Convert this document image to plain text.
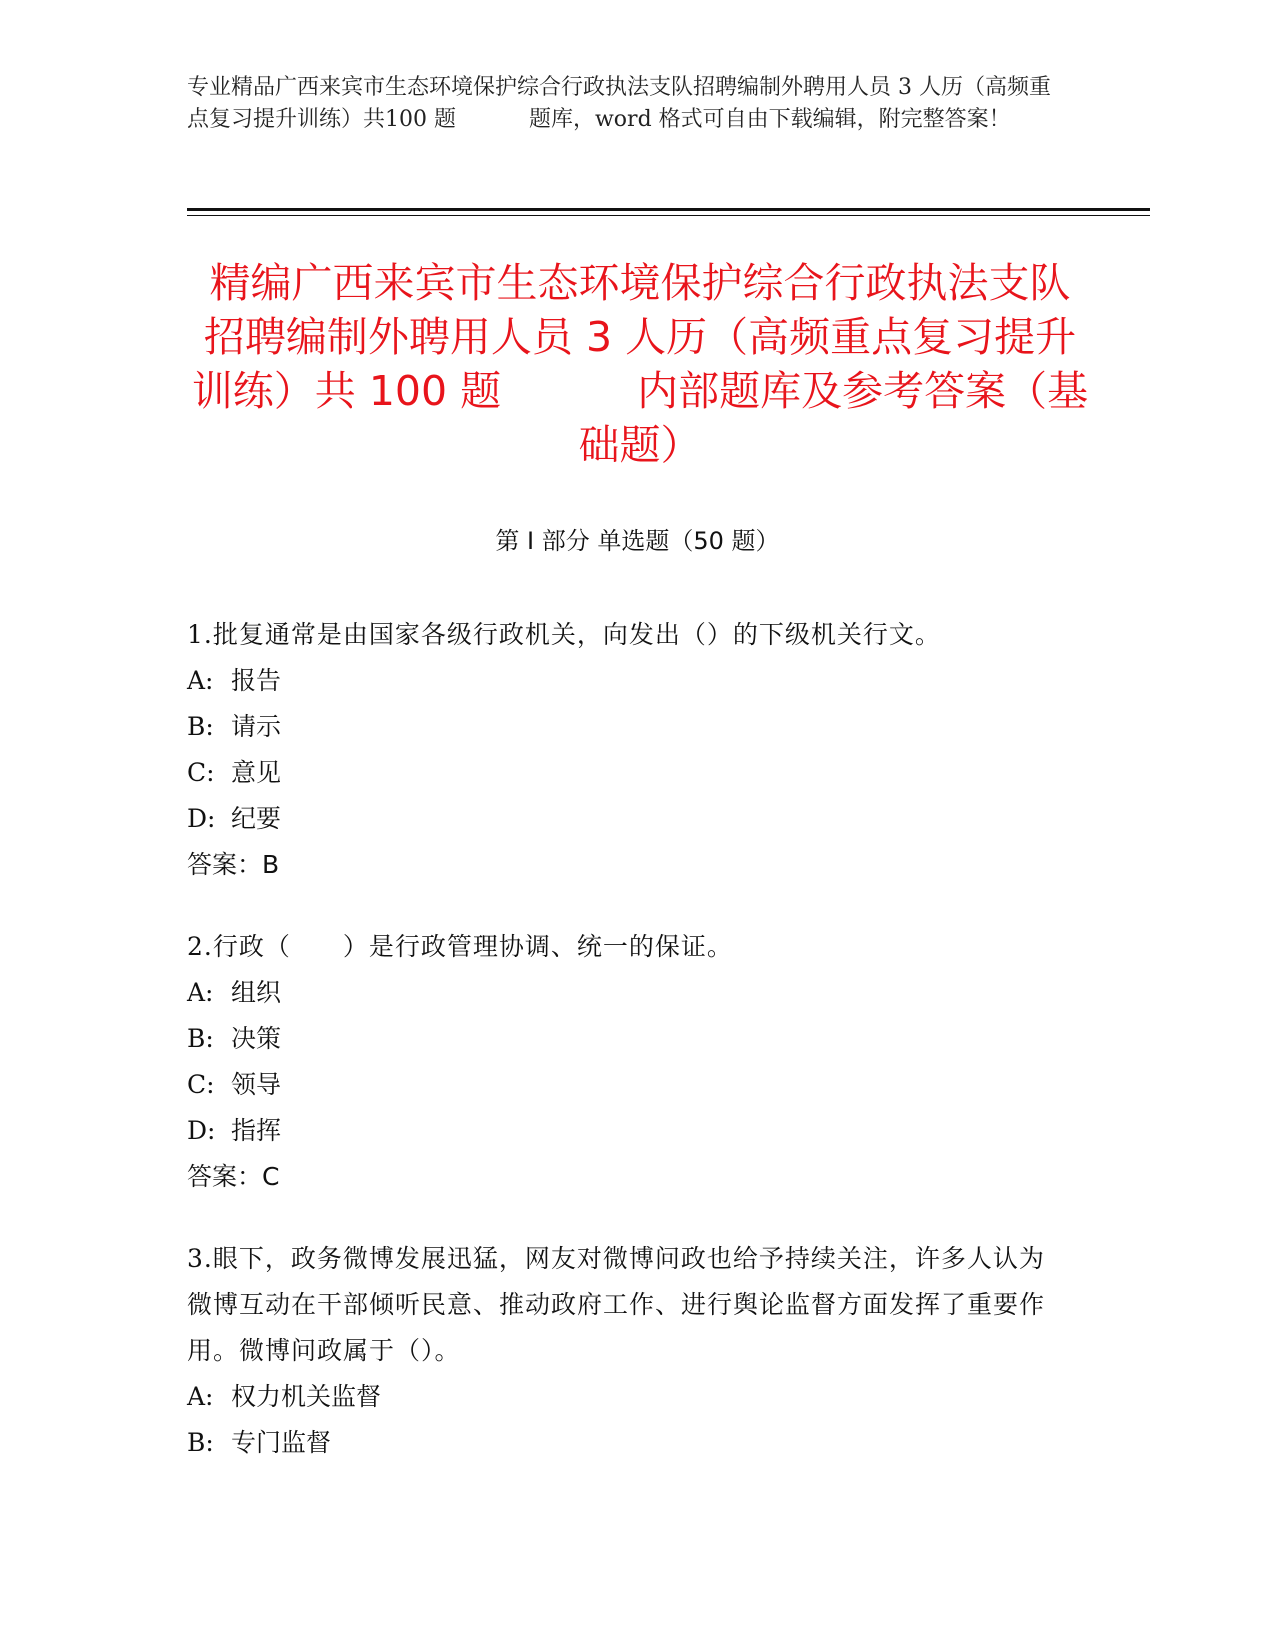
专业精品广西来宾市生态环境保护综合行政执法支队招聘编制外聘用人员 3 人历（高频重点复习提升训练）共100 题　　　 题库，word 格式可自由下载编辑，附完整答案！
精编广西来宾市生态环境保护综合行政执法支队招聘编制外聘用人员 3 人历（高频重点复习提升训练）共 100 题　　　 内部题库及参考答案（基础题）
第 I 部分 单选题（50 题）
1.批复通常是由国家各级行政机关，向发出（）的下级机关行文。
A: 报告
B: 请示
C: 意见
D: 纪要
答案：B
2.行政（　　）是行政管理协调、统一的保证。
A: 组织
B: 决策
C: 领导
D: 指挥
答案：C
3.眼下，政务微博发展迅猛，网友对微博问政也给予持续关注，许多人认为微博互动在干部倾听民意、推动政府工作、进行舆论监督方面发挥了重要作用。微博问政属于（）。
A: 权力机关监督
B: 专门监督
